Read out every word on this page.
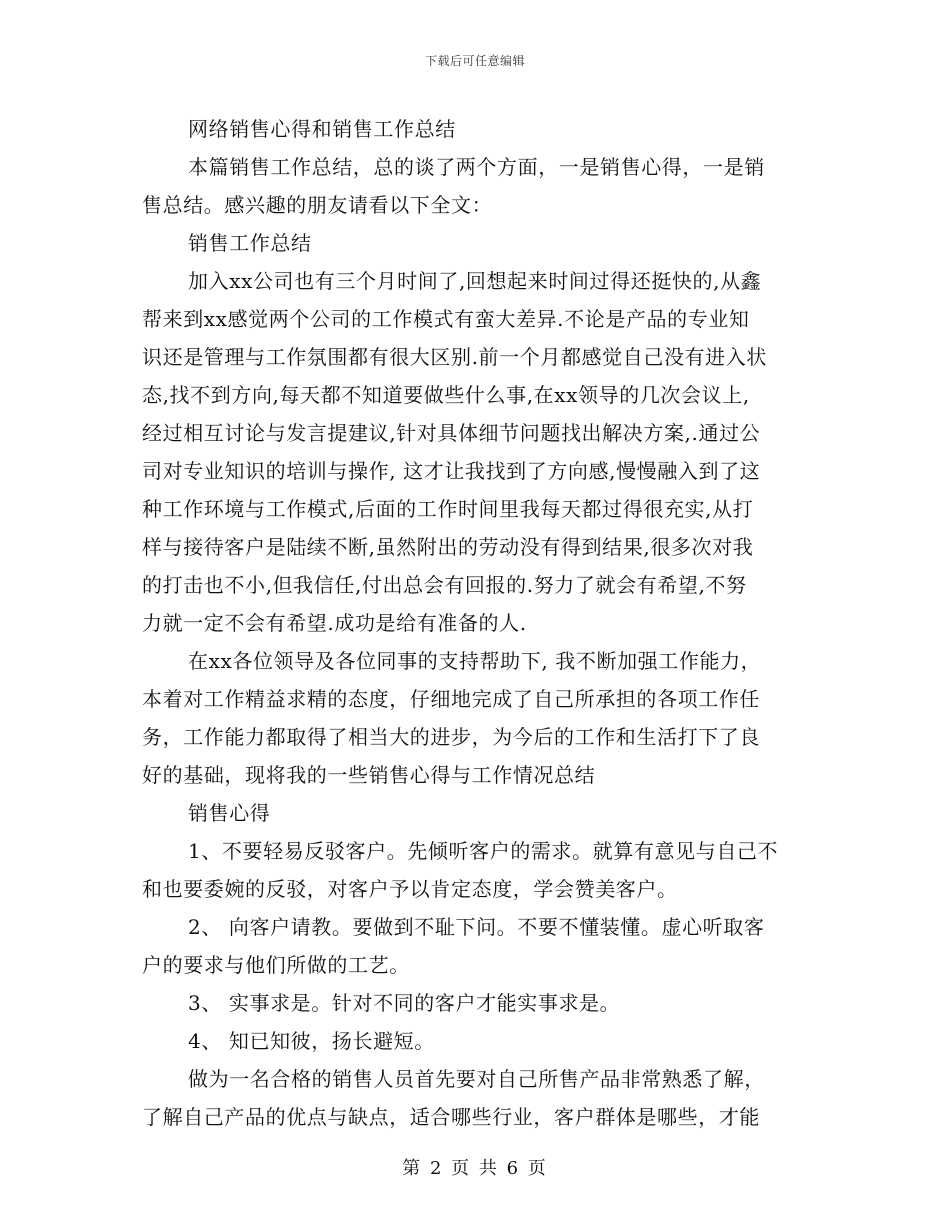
下载后可任意编辑
网络销售心得和销售工作总结
本篇销售工作总结，总的谈了两个方面，一是销售心得，一是销
售总结。感兴趣的朋友请看以下全文：
销售工作总结
加入xx公司也有三个月时间了,回想起来时间过得还挺快的,从鑫
帮来到xx感觉两个公司的工作模式有蛮大差异.不论是产品的专业知
识还是管理与工作氛围都有很大区别.前一个月都感觉自己没有进入状
态,找不到方向,每天都不知道要做些什么事,在xx领导的几次会议上,
经过相互讨论与发言提建议,针对具体细节问题找出解决方案,.通过公
司对专业知识的培训与操作, 这才让我找到了方向感,慢慢融入到了这
种工作环境与工作模式,后面的工作时间里我每天都过得很充实,从打
样与接待客户是陆续不断,虽然附出的劳动没有得到结果,很多次对我
的打击也不小,但我信任,付出总会有回报的.努力了就会有希望,不努
力就一定不会有希望.成功是给有准备的人.
在xx各位领导及各位同事的支持帮助下, 我不断加强工作能力，
本着对工作精益求精的态度，仔细地完成了自己所承担的各项工作任
务，工作能力都取得了相当大的进步，为今后的工作和生活打下了良
好的基础，现将我的一些销售心得与工作情况总结
销售心得
1、不要轻易反驳客户。先倾听客户的需求。就算有意见与自己不
和也要委婉的反驳，对客户予以肯定态度，学会赞美客户。
2、 向客户请教。要做到不耻下问。不要不懂装懂。虚心听取客
户的要求与他们所做的工艺。
3、 实事求是。针对不同的客户才能实事求是。
4、 知已知彼，扬长避短。
做为一名合格的销售人员首先要对自己所售产品非常熟悉了解，
了解自己产品的优点与缺点，适合哪些行业，客户群体是哪些，才能
第 2 页 共 6 页
